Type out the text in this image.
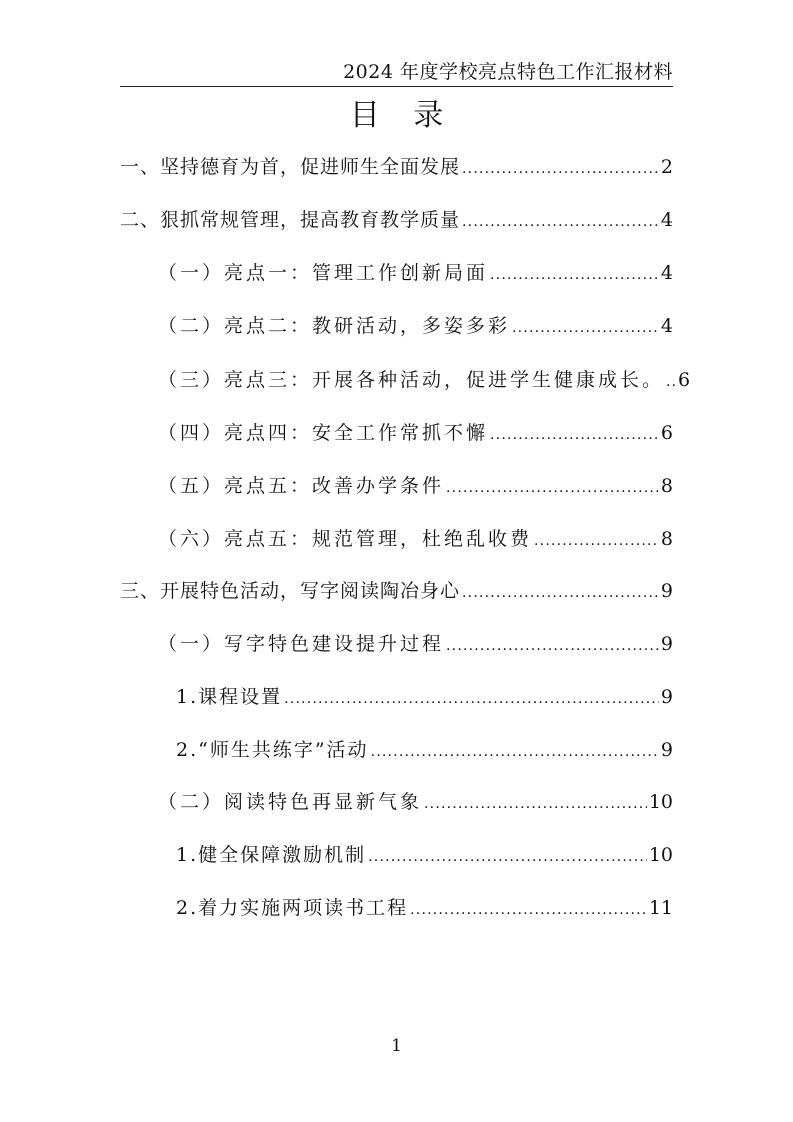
2024 年度学校亮点特色工作汇报材料
目 录
一、坚持德育为首，促进师生全面发展 .....	2
二、狠抓常规管理，提高教育教学质量 .....	4
（一）亮点一：管理工作创新局面 .....	4
（二）亮点二：教研活动，多姿多彩 .....	4
（三）亮点三：开展各种活动，促进学生健康成长。 ..... 6
（四）亮点四：安全工作常抓不懈 .....	6
（五）亮点五：改善办学条件 .....	8
（六）亮点五：规范管理，杜绝乱收费 .....	8
三、开展特色活动，写字阅读陶冶身心 .....	9
（一）写字特色建设提升过程 .....	9
1.课程设置 .....	9
2.“师生共练字”活动 .....	9
（二）阅读特色再显新气象 .....	10
1.健全保障激励机制 .....	10
2.着力实施两项读书工程 .....	11
1
